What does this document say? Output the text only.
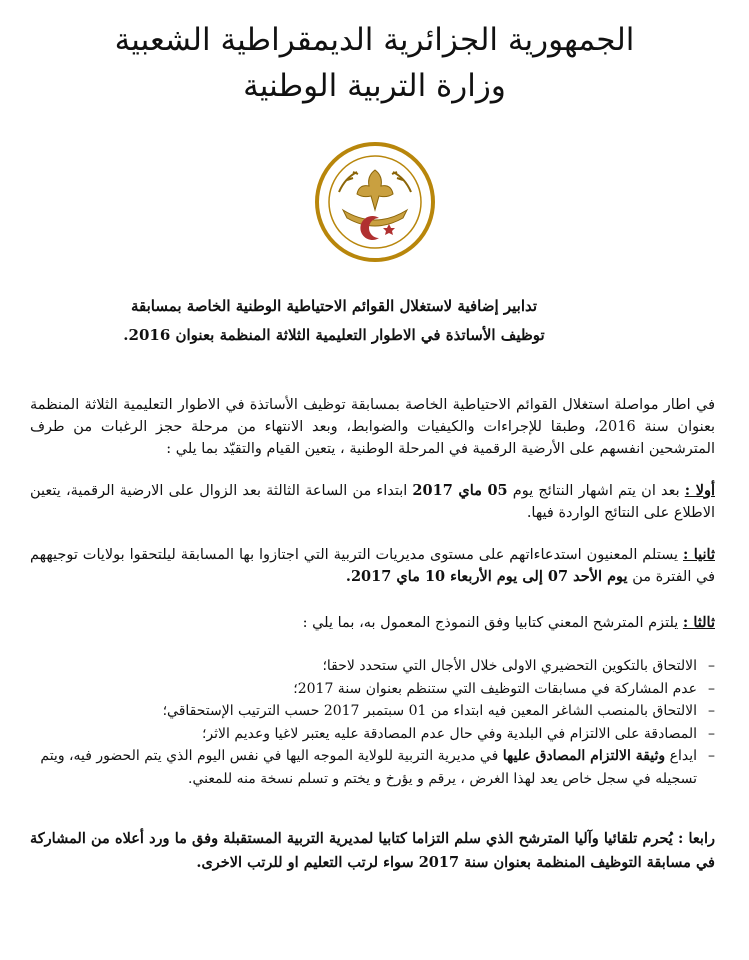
الجمهورية الجزائرية الديمقراطية الشعبية
وزارة التربية الوطنية
تدابير إضافية لاستغلال القوائم الاحتياطية الوطنية الخاصة بمسابقة
توظيف الأساتذة في الاطوار التعليمية الثلاثة المنظمة بعنوان 2016.
في اطار مواصلة استغلال القوائم الاحتياطية الخاصة بمسابقة توظيف الأساتذة في الاطوار التعليمية الثلاثة المنظمة بعنوان سنة 2016، وطبقا للإجراءات والكيفيات والضوابط، وبعد الانتهاء من مرحلة حجز الرغبات من طرف المترشحين انفسهم على الأرضية الرقمية في المرحلة الوطنية ، يتعين القيام والتقيّد بما يلي :
أولا : بعد ان يتم اشهار النتائج يوم 05 ماي 2017 ابتداء من الساعة الثالثة بعد الزوال على الارضية الرقمية، يتعين الاطلاع على النتائج الواردة فيها.
ثانيا : يستلم المعنيون استدعاءاتهم على مستوى مديريات التربية التي اجتازوا بها المسابقة ليلتحقوا بولايات توجيههم في الفترة من يوم الأحد 07 إلى يوم الأربعاء 10 ماي 2017.
ثالثا : يلتزم المترشح المعني كتابيا وفق النموذج المعمول به، بما يلي :
– الالتحاق بالتكوين التحضيري الاولى خلال الأجال التي ستحدد لاحقا؛
– عدم المشاركة في مسابقات التوظيف التي ستنظم بعنوان سنة 2017؛
– الالتحاق بالمنصب الشاغر المعين فيه ابتداء من 01 سبتمبر 2017 حسب الترتيب الإستحقاقي؛
– المصادقة على الالتزام في البلدية وفي حال عدم المصادقة عليه يعتبر لاغيا وعديم الاثر؛
– ايداع وثيقة الالتزام المصادق عليها في مديرية التربية للولاية الموجه اليها في نفس اليوم الذي يتم الحضور فيه، ويتم تسجيله في سجل خاص يعد لهذا الغرض ، يرقم و يؤرخ و يختم و تسلم نسخة منه للمعني.
رابعا : يُحرم تلقائيا وآليا المترشح الذي سلم التزاما كتابيا لمديرية التربية المستقبلة وفق ما ورد أعلاه من المشاركة في مسابقة التوظيف المنظمة بعنوان سنة 2017 سواء لرتب التعليم او للرتب الاخرى.
